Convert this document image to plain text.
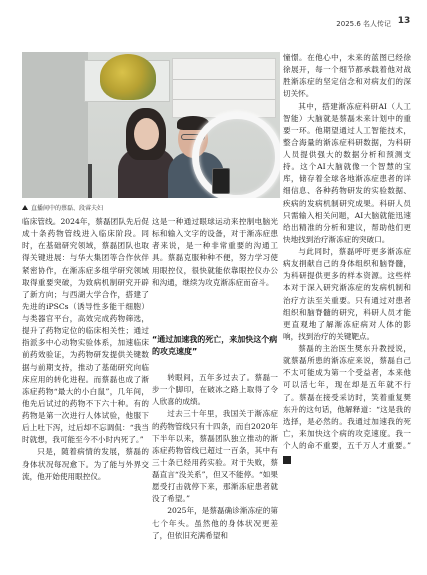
2025.6 名人传记 13
直播间中的蔡磊、段睿夫妇

临床管线。2024年，蔡磊团队先后促成十条药物管线进入临床阶段。同时，在基础研究领域，蔡磊团队也取得关键进展：与华大集团等合作伙伴紧密协作，在渐冻症多组学研究领域取得重要突破，为致病机制研究开辟了新方向；与西湖大学合作，搭建了先进的iPSCs（诱导性多能干细胞）与类器官平台，高效完成药物筛选，提升了药物定位的临床相关性；通过指派多中心动物实验体系，加速临床前药效验证，为药物研发提供关键数据与前期支持，推动了基础研究向临床应用的转化进程。而蔡磊也成了渐冻症药物“最大的小白鼠”，几年间，他先后试过的药物不下六十种。有的药物是第一次进行人体试验，他服下后上吐下泻，过后却不忘调侃：“我当时就想，我可能至今不小时内死了。”

只是，随着病情的发展，蔡磊的身体状况每况愈下。为了能与外界交流，他开始使用眼控仪。

这是一种通过眼球运动来控制电脑光标和输入文字的设备，对于渐冻症患者来说，是一种非常重要的沟通工具。蔡磊克服种种不便，努力学习使用眼控仪，很快就能依靠眼控仪办公和沟通，继续为攻克渐冻症而奋斗。

“通过加速我的死亡，来加快这个病的攻克速度”

转眼间，五年多过去了。蔡磊一步一个脚印，在破冰之路上取得了令人欣喜的成绩。

过去三十年里，我国关于渐冻症的药物管线只有十四条，而自2020年下半年以来，蔡磊团队独立推动的渐冻症药物管线已超过一百条，其中有三十条已经用药实验。对于失败，蔡磊直言“没关系”，但又不能停。“如果愿受打击就停下来，那渐冻症患者就没了希望。”

2025年，是蔡磊确诊渐冻症的第七个年头。虽然他的身体状况更差了，但依旧充满希望和

憧憬。在他心中，未来的蓝图已经徐徐展开，每一个细节都承载着他对战胜渐冻症的坚定信念和对病友们的深切关怀。

其中，搭建渐冻症科研AI（人工智能）大脑就是蔡磊未来计划中的重要一环。他期望通过人工智能技术，整合海量的渐冻症科研数据，为科研人员提供强大的数据分析和预测支持。这个AI大脑就像一个智慧的宝库，储存着全球各地渐冻症患者的详细信息、各种药物研发的实验数据、疾病的发病机制研究成果。科研人员只需输入相关问题，AI大脑就能迅速给出精准的分析和建议，帮助他们更快地找到治疗渐冻症的突破口。

与此同时，蔡磊呼吁更多渐冻症病友捐献自己的身体组织和脑脊髓，为科研提供更多的样本资源。这些样本对于深入研究渐冻症的发病机制和治疗方法至关重要。只有通过对患者组织和脑脊髓的研究，科研人员才能更直观地了解渐冻症病对人体的影响，找到治疗的关键靶点。

蔡磊的主治医生樊东升教授说，就蔡磊所患的渐冻症来说，蔡磊自己不太可能成为第一个受益者，本来他可以活七年，现在却是五年就不行了。蔡磊在接受采访时，笑着重复樊东升的这句话，他解释道：“这是我的选择，是必然的。我通过加速我的死亡，来加快这个病的攻克速度。我一个人的命不重要，五千万人才重要。”▣
